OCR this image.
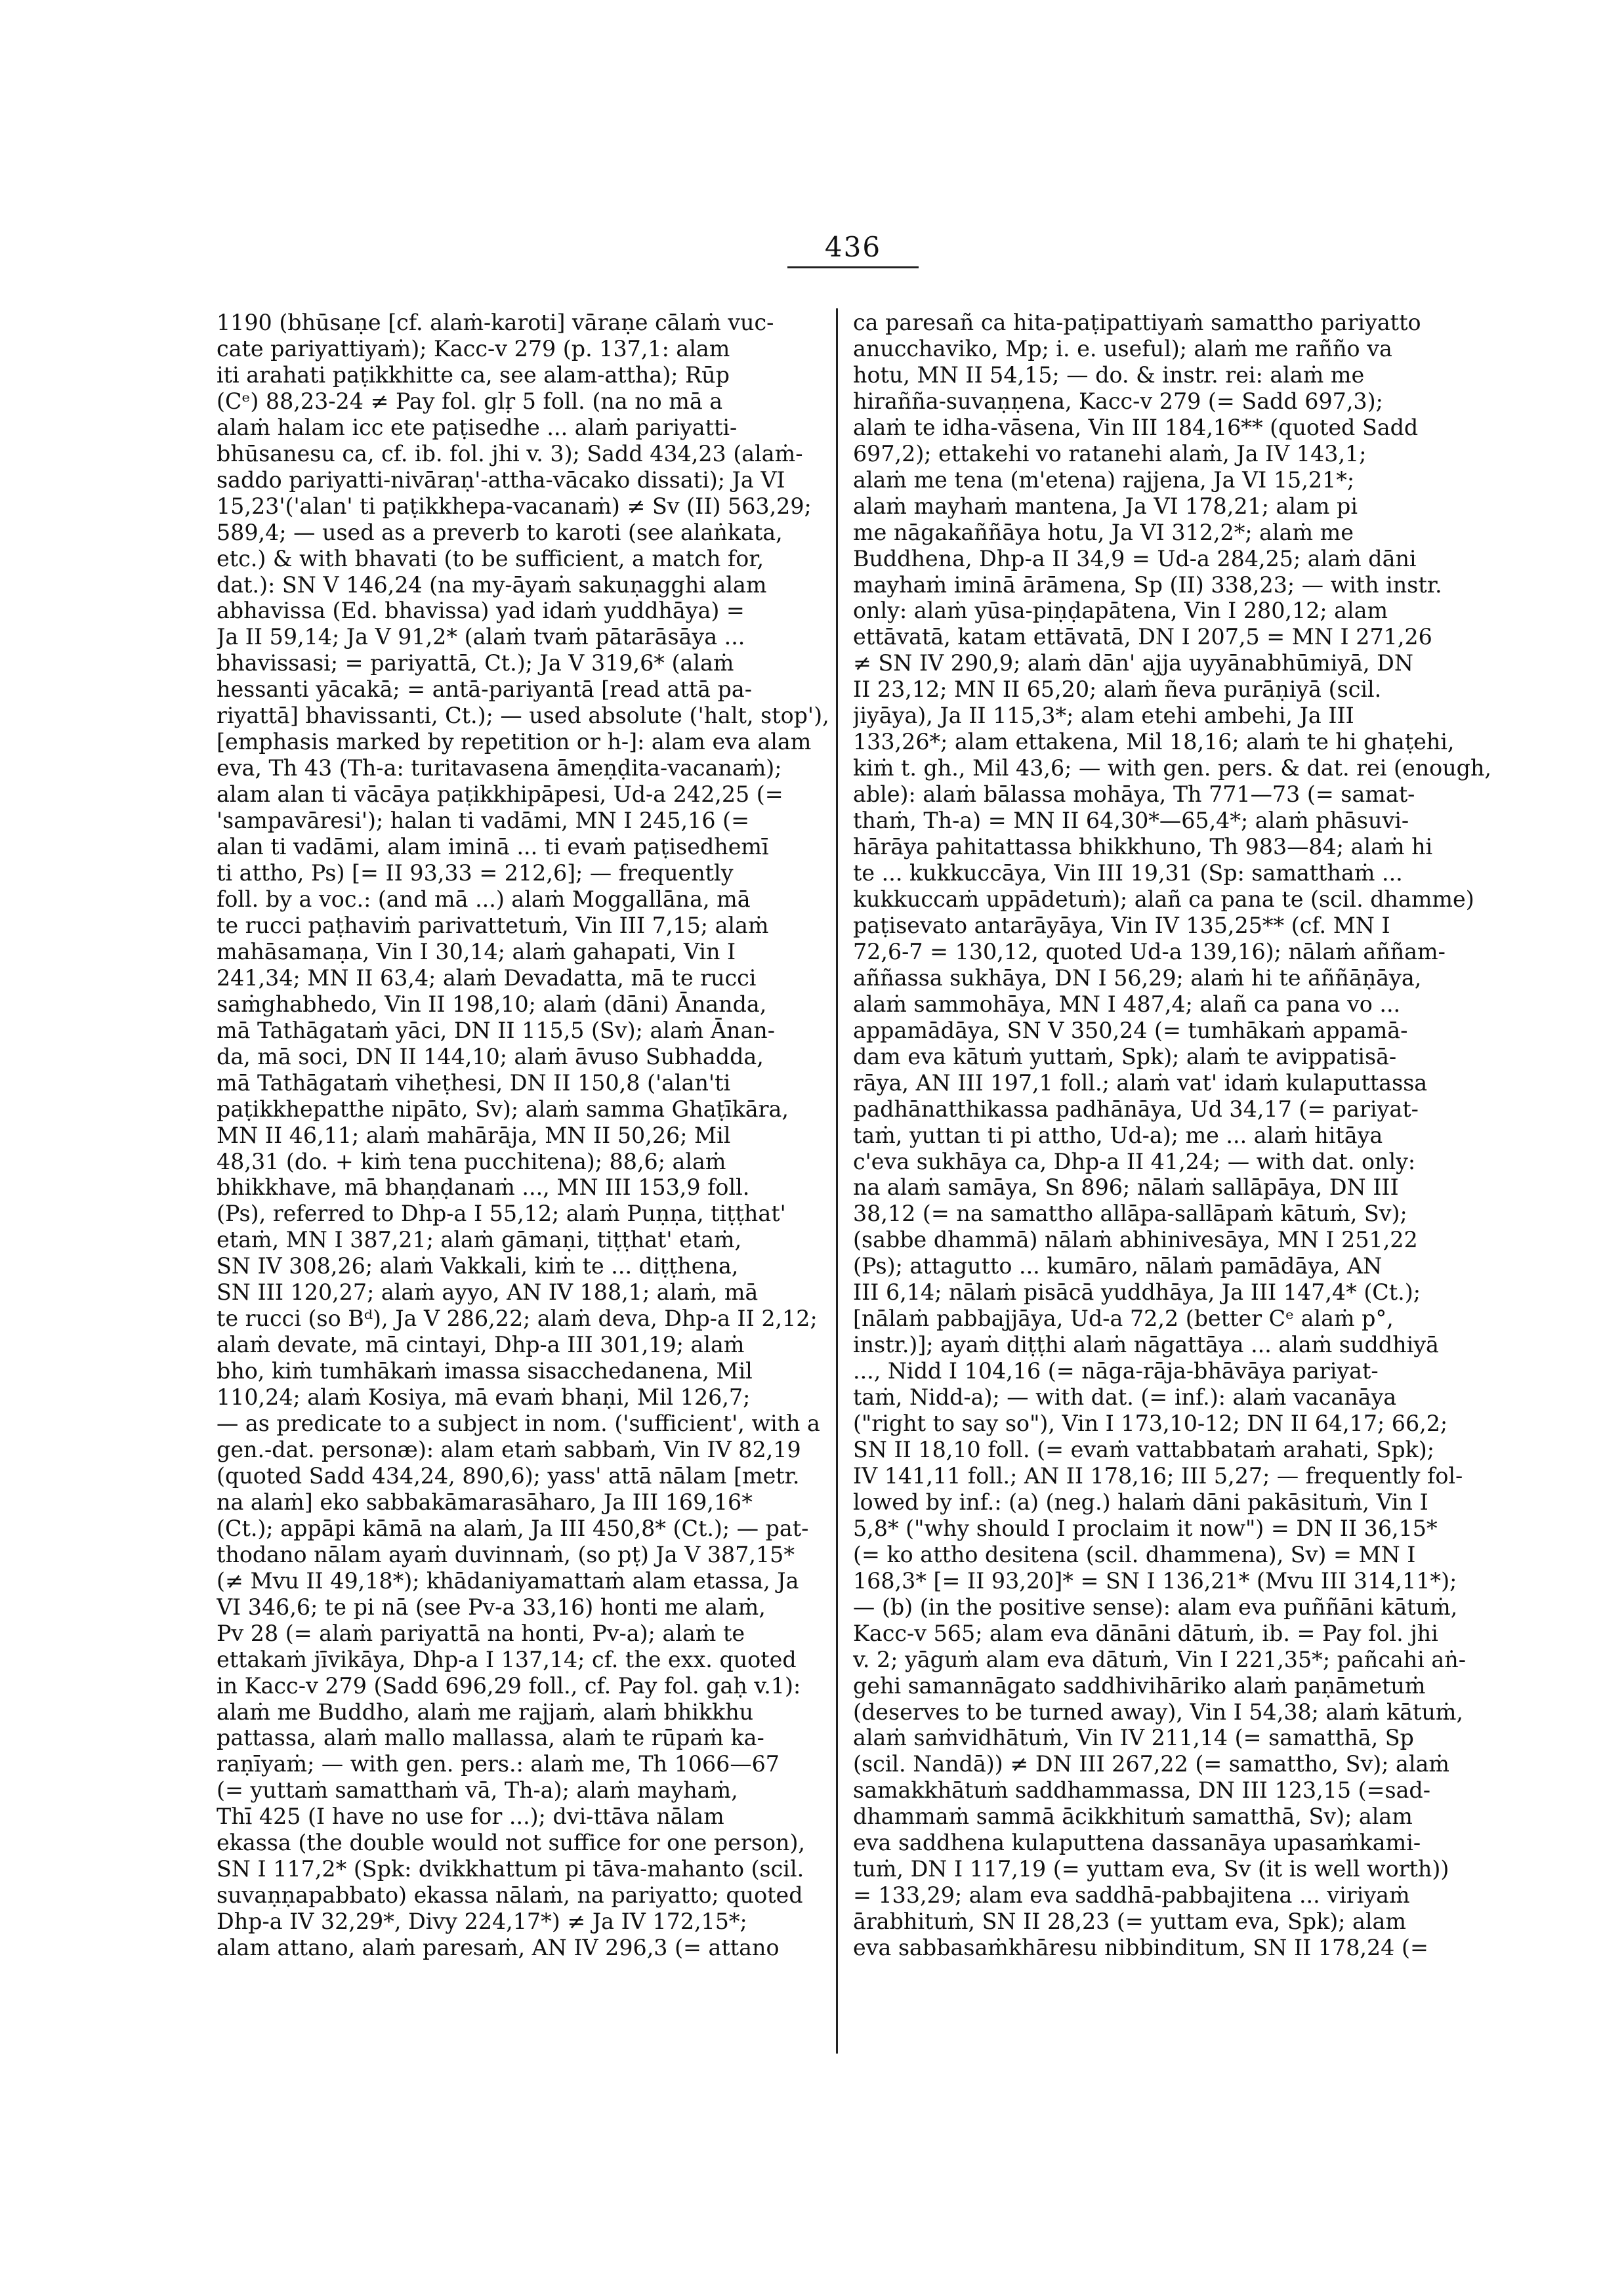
436
1190 (bhūsaṇe [cf. alaṁ-karoti] vāraṇe cālaṁ vuc-
cate pariyattiyaṁ); Kacc-v 279 (p. 137,1: alam
iti arahati paṭikkhitte ca, see alam-attha); Rūp
(Cᵉ) 88,23-24 ≠ Pay fol. glṛ 5 foll. (na no mā a
alaṁ halam icc ete paṭisedhe ... alaṁ pariyatti-
bhūsanesu ca, cf. ib. fol. jhi v. 3); Sadd 434,23 (alaṁ-
saddo pariyatti-nivāraṇ'-attha-vācako dissati); Ja VI
15,23'('alan' ti paṭikkhepa-vacanaṁ) ≠ Sv (II) 563,29;
589,4; — used as a preverb to karoti (see alaṅkata,
etc.) & with bhavati (to be sufficient, a match for,
dat.): SN V 146,24 (na my-āyaṁ sakuṇagghi alam
abhavissa (Ed. bhavissa) yad idaṁ yuddhāya) =
Ja II 59,14; Ja V 91,2* (alaṁ tvaṁ pātarāsāya ...
bhavissasi; = pariyattā, Ct.); Ja V 319,6* (alaṁ
hessanti yācakā; = antā-pariyantā [read attā pa-
riyattā] bhavissanti, Ct.); — used absolute ('halt, stop'),
[emphasis marked by repetition or h-]: alam eva alam
eva, Th 43 (Th-a: turitavasena āmeṇḍita-vacanaṁ);
alam alan ti vācāya paṭikkhipāpesi, Ud-a 242,25 (=
'sampavāresi'); halan ti vadāmi, MN I 245,16 (=
alan ti vadāmi, alam iminā ... ti evaṁ paṭisedhemī
ti attho, Ps) [= II 93,33 = 212,6]; — frequently
foll. by a voc.: (and mā ...) alaṁ Moggallāna, mā
te rucci paṭhaviṁ parivattetuṁ, Vin III 7,15; alaṁ
mahāsamaṇa, Vin I 30,14; alaṁ gahapati, Vin I
241,34; MN II 63,4; alaṁ Devadatta, mā te rucci
saṁghabhedo, Vin II 198,10; alaṁ (dāni) Ānanda,
mā Tathāgataṁ yāci, DN II 115,5 (Sv); alaṁ Ānan-
da, mā soci, DN II 144,10; alaṁ āvuso Subhadda,
mā Tathāgataṁ viheṭhesi, DN II 150,8 ('alan'ti
paṭikkhepatthe nipāto, Sv); alaṁ samma Ghaṭīkāra,
MN II 46,11; alaṁ mahārāja, MN II 50,26; Mil
48,31 (do. + kiṁ tena pucchitena); 88,6; alaṁ
bhikkhave, mā bhaṇḍanaṁ ..., MN III 153,9 foll.
(Ps), referred to Dhp-a I 55,12; alaṁ Puṇṇa, tiṭṭhat'
etaṁ, MN I 387,21; alaṁ gāmaṇi, tiṭṭhat' etaṁ,
SN IV 308,26; alaṁ Vakkali, kiṁ te ... diṭṭhena,
SN III 120,27; alaṁ ayyo, AN IV 188,1; alaṁ, mā
te rucci (so Bᵈ), Ja V 286,22; alaṁ deva, Dhp-a II 2,12;
alaṁ devate, mā cintayi, Dhp-a III 301,19; alaṁ
bho, kiṁ tumhākaṁ imassa sisacchedanena, Mil
110,24; alaṁ Kosiya, mā evaṁ bhaṇi, Mil 126,7;
— as predicate to a subject in nom. ('sufficient', with a
gen.-dat. personæ): alam etaṁ sabbaṁ, Vin IV 82,19
(quoted Sadd 434,24, 890,6); yass' attā nālam [metr.
na alaṁ] eko sabbakāmarasāharo, Ja III 169,16*
(Ct.); appāpi kāmā na alaṁ, Ja III 450,8* (Ct.); — pat-
thodano nālam ayaṁ duvinnaṁ, (so pṭ) Ja V 387,15*
(≠ Mvu II 49,18*); khādaniyamattaṁ alam etassa, Ja
VI 346,6; te pi nā (see Pv-a 33,16) honti me alaṁ,
Pv 28 (= alaṁ pariyattā na honti, Pv-a); alaṁ te
ettakaṁ jīvikāya, Dhp-a I 137,14; cf. the exx. quoted
in Kacc-v 279 (Sadd 696,29 foll., cf. Pay fol. gaḥ v.1):
alaṁ me Buddho, alaṁ me rajjaṁ, alaṁ bhikkhu
pattassa, alaṁ mallo mallassa, alaṁ te rūpaṁ ka-
raṇīyaṁ; — with gen. pers.: alaṁ me, Th 1066—67
(= yuttaṁ samatthaṁ vā, Th-a); alaṁ mayhaṁ,
Thī 425 (I have no use for ...); dvi-ttāva nālam
ekassa (the double would not suffice for one person),
SN I 117,2* (Spk: dvikkhattum pi tāva-mahanto (scil.
suvaṇṇapabbato) ekassa nālaṁ, na pariyatto; quoted
Dhp-a IV 32,29*, Divy 224,17*) ≠ Ja IV 172,15*;
alam attano, alaṁ paresaṁ, AN IV 296,3 (= attano
ca paresañ ca hita-paṭipattiyaṁ samattho pariyatto
anucchaviko, Mp; i. e. useful); alaṁ me rañño va
hotu, MN II 54,15; — do. & instr. rei: alaṁ me
hiraññа-suvaṇṇena, Kacc-v 279 (= Sadd 697,3);
alaṁ te idha-vāsena, Vin III 184,16** (quoted Sadd
697,2); ettakehi vo ratanehi alaṁ, Ja IV 143,1;
alaṁ me tena (m'etena) rajjena, Ja VI 15,21*;
alaṁ mayhaṁ mantena, Ja VI 178,21; alam pi
me nāgakaññāya hotu, Ja VI 312,2*; alaṁ me
Buddhena, Dhp-a II 34,9 = Ud-a 284,25; alaṁ dāni
mayhaṁ iminā ārāmena, Sp (II) 338,23; — with instr.
only: alaṁ yūsa-piṇḍapātena, Vin I 280,12; alam
ettāvatā, katam ettāvatā, DN I 207,5 = MN I 271,26
≠ SN IV 290,9; alaṁ dān' ajja uyyānabhūmiyā, DN
II 23,12; MN II 65,20; alaṁ ñeva purāṇiyā (scil.
jiyāya), Ja II 115,3*; alam etehi ambehi, Ja III
133,26*; alam ettakena, Mil 18,16; alaṁ te hi ghaṭehi,
kiṁ t. gh., Mil 43,6; — with gen. pers. & dat. rei (enough,
able): alaṁ bālassa mohāya, Th 771—73 (= samat-
thaṁ, Th-a) = MN II 64,30*—65,4*; alaṁ phāsuvi-
hārāya pahitattassa bhikkhuno, Th 983—84; alaṁ hi
te ... kukkuccāya, Vin III 19,31 (Sp: samatthaṁ ...
kukkuccaṁ uppādetuṁ); alañ ca pana te (scil. dhamme)
paṭisevato antarāyāya, Vin IV 135,25** (cf. MN I
72,6-7 = 130,12, quoted Ud-a 139,16); nālaṁ aññam-
aññassa sukhāya, DN I 56,29; alaṁ hi te aññāṇāya,
alaṁ sammohāya, MN I 487,4; alañ ca pana vo ...
appamādāya, SN V 350,24 (= tumhākaṁ appamā-
dam eva kātuṁ yuttaṁ, Spk); alaṁ te avippatisā-
rāya, AN III 197,1 foll.; alaṁ vat' idaṁ kulaputtassa
padhānatthikassa padhānāya, Ud 34,17 (= pariyat-
taṁ, yuttan ti pi attho, Ud-a); me ... alaṁ hitāya
c'eva sukhāya ca, Dhp-a II 41,24; — with dat. only:
na alaṁ samāya, Sn 896; nālaṁ sallāpāya, DN III
38,12 (= na samattho allāpa-sallāpaṁ kātuṁ, Sv);
(sabbe dhammā) nālaṁ abhinivesāya, MN I 251,22
(Ps); attagutto ... kumāro, nālaṁ pamādāya, AN
III 6,14; nālaṁ pisācā yuddhāya, Ja III 147,4* (Ct.);
[nālaṁ pabbajjāya, Ud-a 72,2 (better Cᵉ alaṁ p°,
instr.)]; ayaṁ diṭṭhi alaṁ nāgattāya ... alaṁ suddhiyā
..., Nidd I 104,16 (= nāga-rāja-bhāvāya pariyat-
taṁ, Nidd-a); — with dat. (= inf.): alaṁ vacanāya
("right to say so"), Vin I 173,10-12; DN II 64,17; 66,2;
SN II 18,10 foll. (= evaṁ vattabbataṁ arahati, Spk);
IV 141,11 foll.; AN II 178,16; III 5,27; — frequently fol-
lowed by inf.: (a) (neg.) halaṁ dāni pakāsituṁ, Vin I
5,8* ("why should I proclaim it now") = DN II 36,15*
(= ko attho desitena (scil. dhammena), Sv) = MN I
168,3* [= II 93,20]* = SN I 136,21* (Mvu III 314,11*);
— (b) (in the positive sense): alam eva puññāni kātuṁ,
Kacc-v 565; alam eva dānāni dātuṁ, ib. = Pay fol. jhi
v. 2; yāguṁ alam eva dātuṁ, Vin I 221,35*; pañcahi aṅ-
gehi samannāgato saddhivihāriko alaṁ paṇāmetuṁ
(deserves to be turned away), Vin I 54,38; alaṁ kātuṁ,
alaṁ saṁvidhātuṁ, Vin IV 211,14 (= samatthā, Sp
(scil. Nandā)) ≠ DN III 267,22 (= samattho, Sv); alaṁ
samakkhātuṁ saddhammassa, DN III 123,15 (=sad-
dhammaṁ sammā ācikkhituṁ samatthā, Sv); alam
eva saddhena kulaputtena dassanāya upasaṁkami-
tuṁ, DN I 117,19 (= yuttam eva, Sv (it is well worth))
= 133,29; alam eva saddhā-pabbajitena ... viriyaṁ
ārabhituṁ, SN II 28,23 (= yuttam eva, Spk); alam
eva sabbasaṁkhāresu nibbinditum, SN II 178,24 (=
